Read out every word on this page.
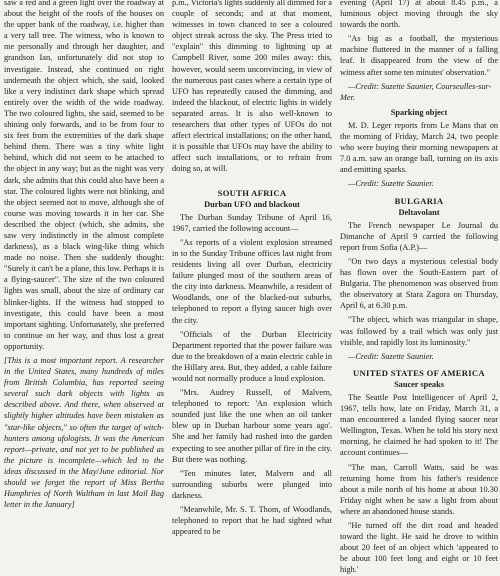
saw a red and a green light over the roadway at about the height of the roofs of the houses on the upper bank of the roadway, i.e. higher than a very tall tree. The witness, who is known to me personally and through her daughter, and grandson Ian, unfortunately did not stop to investigate. Instead, she continued on right underneath the object which, she said, looked like a very indistinct dark shape which spread entirely over the width of the wide roadway. The two coloured lights, she said, seemed to be shining only forwards, and to be from four to six feet from the extremities of the dark shape behind them. There was a tiny white light behind, which did not seem to be attached to the object in any way; but as the night was very dark, she admits that this could also have been a star. The coloured lights were not blinking, and the object seemed not to move, although she of course was moving towards it in her car. She described the object (which, she admits, she saw very indistinctly in the almost complete darkness), as a black wing-like thing which made no noise. Then she suddenly thought: "Surely it can't be a plane, this low. Perhaps it is a flying-saucer". The size of the two coloured lights was small, about the size of ordinary car blinker-lights. If the witness had stopped to investigate, this could have been a most important sighting. Unfortunately, she preferred to continue on her way, and thus lost a great opportunity.

[This is a most important report. A researcher in the United States, many hundreds of miles from British Columbia, has reported seeing several such dark objects with lights as described above. And there, when observed at slightly higher altitudes have been mistaken as "star-like objects," so often the target of witch-hunters among ufologists. It was the American report—private, and not yet to be published as the picture is incomplete—which led to the ideas discussed in the May/June editorial. Nor should we forget the report of Miss Bertha Humphries of North Waltham in last Mail Bag letter in the January]

p.m., Victoria's lights suddenly all dimmed for a couple of seconds; and at that moment, witnesses in town chanced to see a coloured object streak across the sky. The Press tried to "explain" this dimming to lightning up at Campbell River, some 200 miles away: this, however, would seem unconvincing, in view of the numerous past cases where a certain type of UFO has repeatedly caused the dimming, and indeed the blackout, of electric lights in widely separated areas. It is also well-known to researchers that other types of UFOs do not affect electrical installations; on the other hand, it is possible that UFOs may have the ability to affect such installations, or to refrain from doing so, at will.

SOUTH AFRICA

Durban UFO and blackout

The Durban Sunday Tribune of April 16, 1967, carried the following account—

"As reports of a violent explosion streamed in to the Sunday Tribune offices last night from residents living all over Durban, electricity failure plunged most of the southern areas of the city into darkness. Meanwhile, a resident of Woodlands, one of the blacked-out suburbs, telephoned to report a flying saucer high over the city.

"Officials of the Durban Electricity Department reported that the power failure was due to the breakdown of a main electric cable in the Hillary area. But, they added, a cable failure would not normally produce a loud explosion.

"Mrs. Audrey Russell, of Malvern, telephoned to report: 'An explosion which sounded just like the one when an oil tanker blew up in Durban harbour some years ago'. She and her family had rushed into the garden expecting to see another pillar of fire in the city. But there was nothing.

"Ten minutes later, Malvern and all surrounding suburbs were plunged into darkness.

"Meanwhile, Mr. S. T. Thom, of Woodlands, telephoned to report that he had sighted what appeared to be

evening (April 17) at about 8.45 p.m., a luminous object moving through the sky towards the north.

"As big as a football, the mysterious machine fluttered in the manner of a falling leaf. It disappeared from the view of the witness after some ten minutes' observation."

—Credit: Suzette Saunier, Courseulles-sur-Mer.

Sparking object

M. D. Leger reports from Le Mans that on the morning of Friday, March 24, two people who were buying their morning newspapers at 7.0 a.m. saw an orange ball, turning on its axis and emitting sparks.

—Credit: Suzette Saunier.

BULGARIA

Deltavolant

The French newspaper Le Journal du Dimanche of April 9 carried the following report from Sofia (A.P.)—

"On two days a mysterious celestial body has flown over the South-Eastern part of Bulgaria. The phenomenon was observed from the observatory at Stara Zagora on Thursday, April 6, at 6.30 p.m.

"The object, which was triangular in shape, was followed by a trail which was only just visible, and rapidly lost its luminosity."

—Credit: Suzette Saunier.

UNITED STATES OF AMERICA

Saucer speaks

The Seattle Post Intelligencer of April 2, 1967, tells how, late on Friday, March 31, a man encountered a landed flying saucer near Wellington, Texas. When he told his story next morning, he claimed he had spoken to it! The account continues—

"The man, Carroll Watts, said he was returning home from his father's residence about a mile north of his home at about 10.30 Friday night when he saw a light from about where an abandoned house stands.

"He turned off the dirt road and headed toward the light. He said he drove to within about 20 feet of an object which 'appeared to be about 100 feet long and eight or 10 feet high.'
